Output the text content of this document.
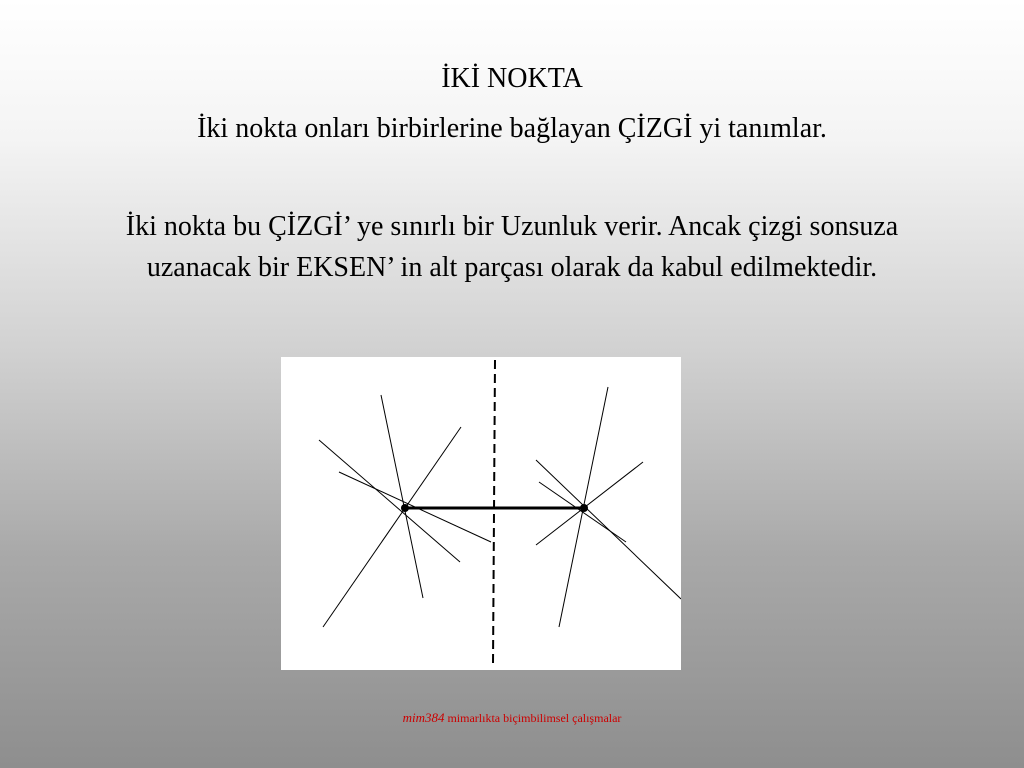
İKİ NOKTA
İki nokta onları birbirlerine bağlayan ÇİZGİ yi tanımlar.
İki nokta bu ÇİZGİ’ ye sınırlı bir Uzunluk verir. Ancak çizgi sonsuza uzanacak bir EKSEN’ in alt parçası olarak da kabul edilmektedir.
mim384 mimarlıkta biçimbilimsel çalışmalar
